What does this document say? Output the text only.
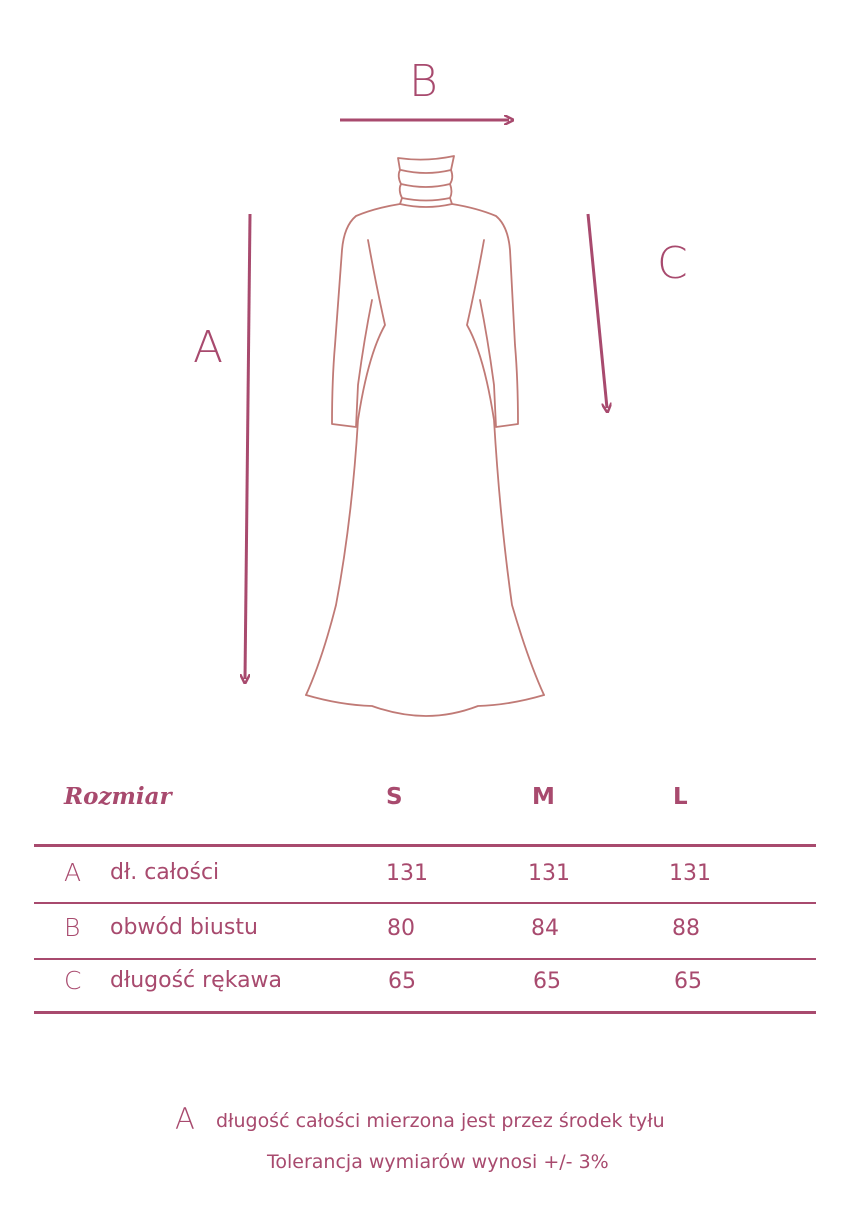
B
A
C
Rozmiar	S	M	L
A dł. całości	131	131	131
B obwód biustu	80	84	88
C długość rękawa	65	65	65
A długość całości mierzona jest przez środek tyłu
Tolerancja wymiarów wynosi +/- 3%
